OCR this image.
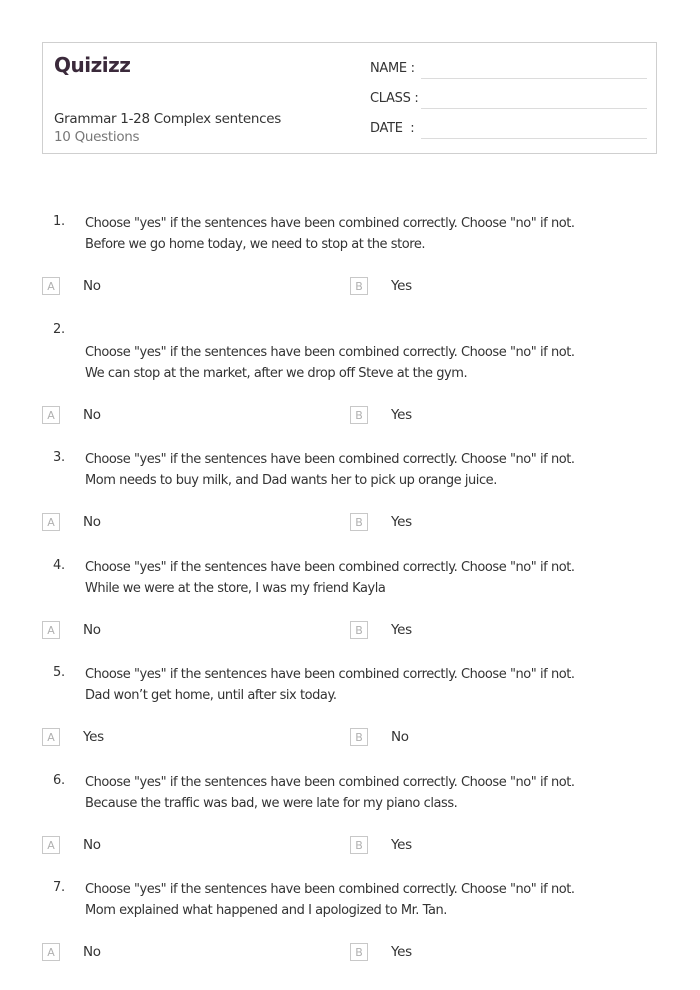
Quizizz
Grammar 1-28 Complex sentences
10 Questions
NAME :
CLASS :
DATE  :
1. Choose "yes" if the sentences have been combined correctly. Choose "no" if not.
Before we go home today, we need to stop at the store.
A	No	B	Yes
2.
Choose "yes" if the sentences have been combined correctly. Choose "no" if not.
We can stop at the market, after we drop off Steve at the gym.
A	No	B	Yes
3. Choose "yes" if the sentences have been combined correctly. Choose "no" if not.
Mom needs to buy milk, and Dad wants her to pick up orange juice.
A	No	B	Yes
4. Choose "yes" if the sentences have been combined correctly. Choose "no" if not.
While we were at the store, I was my friend Kayla
A	No	B	Yes
5. Choose "yes" if the sentences have been combined correctly. Choose "no" if not.
Dad won’t get home, until after six today.
A	Yes	B	No
6. Choose "yes" if the sentences have been combined correctly. Choose "no" if not.
Because the traffic was bad, we were late for my piano class.
A	No	B	Yes
7. Choose "yes" if the sentences have been combined correctly. Choose "no" if not.
Mom explained what happened and I apologized to Mr. Tan.
A	No	B	Yes
